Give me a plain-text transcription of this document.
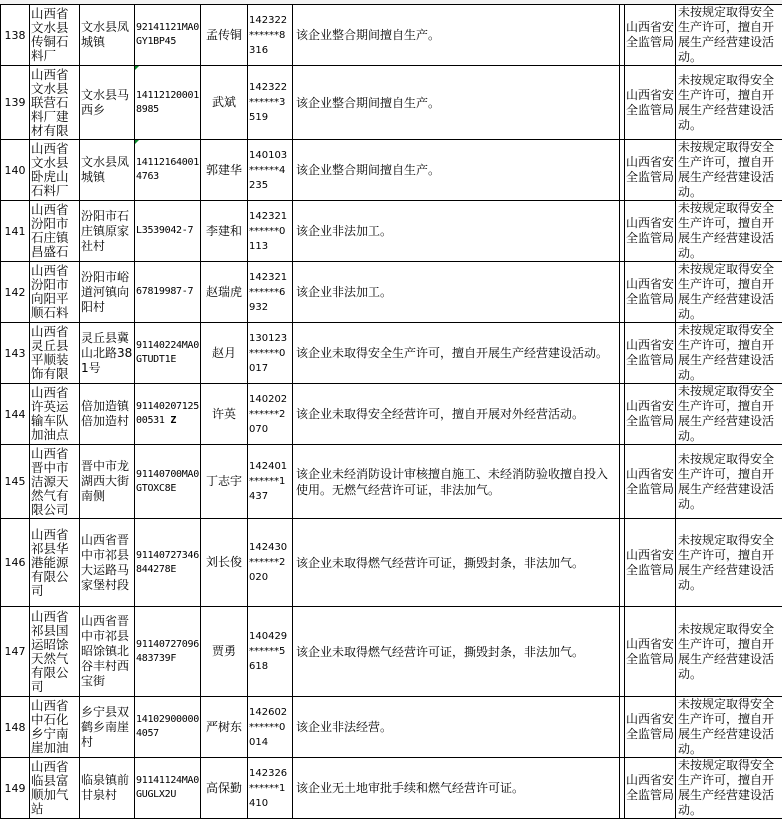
138	山西省文水县传铜石料厂	文水县凤城镇	92141121MA0GY1BP45	孟传铜	142322******8316	该企业整合期间擅自生产。		山西省安全监管局	未按规定取得安全生产许可，擅自开展生产经营建设活动。
139	山西省文水县联营石料厂建材有限	文水县马西乡	141121200018985	武斌	142322******3519	该企业整合期间擅自生产。		山西省安全监管局	未按规定取得安全生产许可，擅自开展生产经营建设活动。
140	山西省文水县卧虎山石料厂	文水县凤城镇	141121640014763	郭建华	140103******4235	该企业整合期间擅自生产。		山西省安全监管局	未按规定取得安全生产许可，擅自开展生产经营建设活动。
141	山西省汾阳市石庄镇昌盛石	汾阳市石庄镇原家社村	L3539042-7	李建和	142321******0113	该企业非法加工。		山西省安全监管局	未按规定取得安全生产许可，擅自开展生产经营建设活动。
142	山西省汾阳市向阳平顺石料	汾阳市峪道河镇向阳村	67819987-7	赵瑞虎	142321******6932	该企业非法加工。		山西省安全监管局	未按规定取得安全生产许可，擅自开展生产经营建设活动。
143	山西省灵丘县平顺装饰有限	灵丘县冀山北路381号	91140224MA0GTUDT1E	赵月	130123******0017	该企业未取得安全生产许可，擅自开展生产经营建设活动。		山西省安全监管局	未按规定取得安全生产许可，擅自开展生产经营建设活动。
144	山西省许英运输车队加油点	倍加造镇倍加造村	9114020712500531 Z	许英	140202******2070	该企业未取得安全经营许可，擅自开展对外经营活动。		山西省安全监管局	未按规定取得安全生产许可，擅自开展生产经营建设活动。
145	山西省晋中市洁源天然气有限公司	晋中市龙湖西大街南侧	91140700MA0GTOXC8E	丁志宇	142401******1437	该企业未经消防设计审核擅自施工、未经消防验收擅自投入使用。无燃气经营许可证，非法加气。		山西省安全监管局	未按规定取得安全生产许可，擅自开展生产经营建设活动。
146	山西省祁县华港能源有限公司	山西省晋中市祁县大运路马家堡村段	91140727346844278E	刘长俊	142430******2020	该企业未取得燃气经营许可证，撕毁封条，非法加气。		山西省安全监管局	未按规定取得安全生产许可，擅自开展生产经营建设活动。
147	山西省祁县国运昭馀天然气有限公司	山西省晋中市祁县昭馀镇北谷丰村西宝街	91140727096483739F	贾勇	140429******5618	该企业未取得燃气经营许可证，撕毁封条，非法加气。		山西省安全监管局	未按规定取得安全生产许可，擅自开展生产经营建设活动。
148	山西省中石化乡宁南崖加油	乡宁县双鹤乡南崖村	141029000004057	严树东	142602******0014	该企业非法经营。		山西省安全监管局	未按规定取得安全生产许可，擅自开展生产经营建设活动。
149	山西省临县富顺加气站	临泉镇前甘泉村	91141124MA0GUGLX2U	高保勤	142326******1410	该企业无土地审批手续和燃气经营许可证。		山西省安全监管局	未按规定取得安全生产许可，擅自开展生产经营建设活动。
